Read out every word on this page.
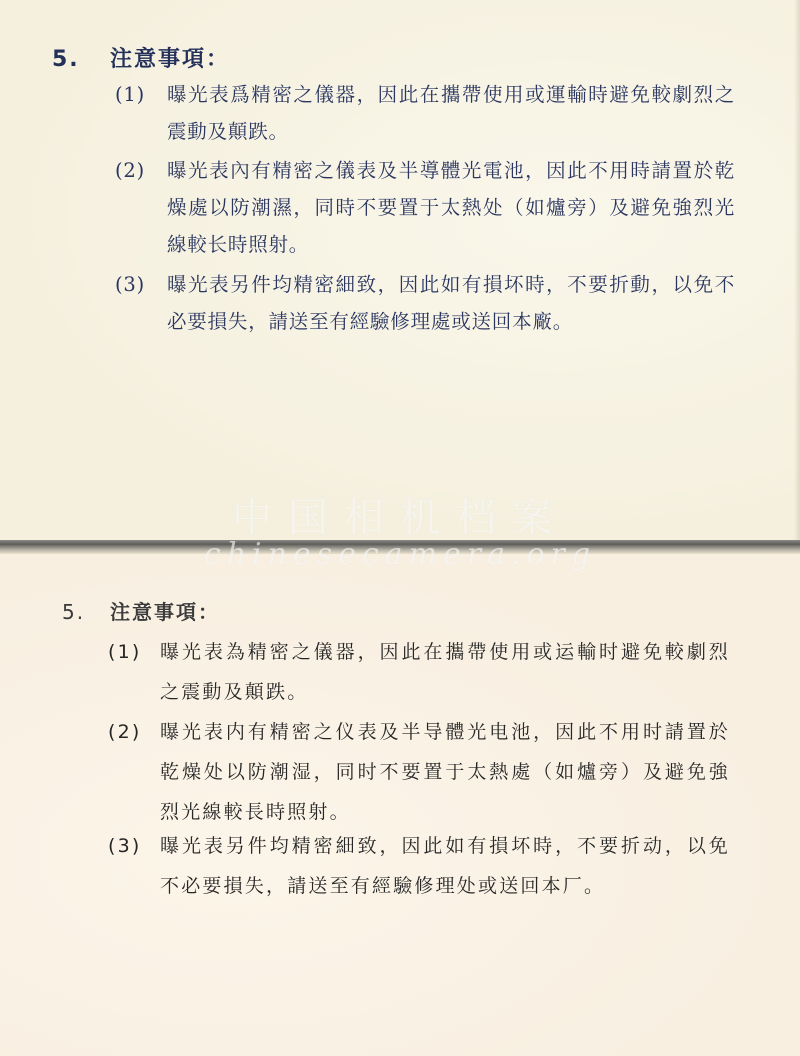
5. 注意事項：
(1)	曝光表爲精密之儀器，因此在攜帶使用或運輸時避免較劇烈之震動及顛跌。
(2)	曝光表內有精密之儀表及半導體光電池，因此不用時請置於乾燥處以防潮濕，同時不要置于太熱处（如爐旁）及避免強烈光線較长時照射。
(3)	曝光表另件均精密細致，因此如有損坏時，不要折動，以免不必要損失，請送至有經驗修理處或送回本廠。
5. 注意事項：
(1) 曝光表為精密之儀器，因此在攜帶使用或运輸时避免較劇烈之震動及顛跌。
(2) 曝光表内有精密之仪表及半导體光电池，因此不用时請置於乾燥处以防潮湿，同时不要置于太熱處（如爐旁）及避免強烈光線較長時照射。
(3) 曝光表另件均精密細致，因此如有損坏時，不要折动，以免不必要損失，請送至有經驗修理处或送回本厂。
中国相机档案
chinesecamera.org
